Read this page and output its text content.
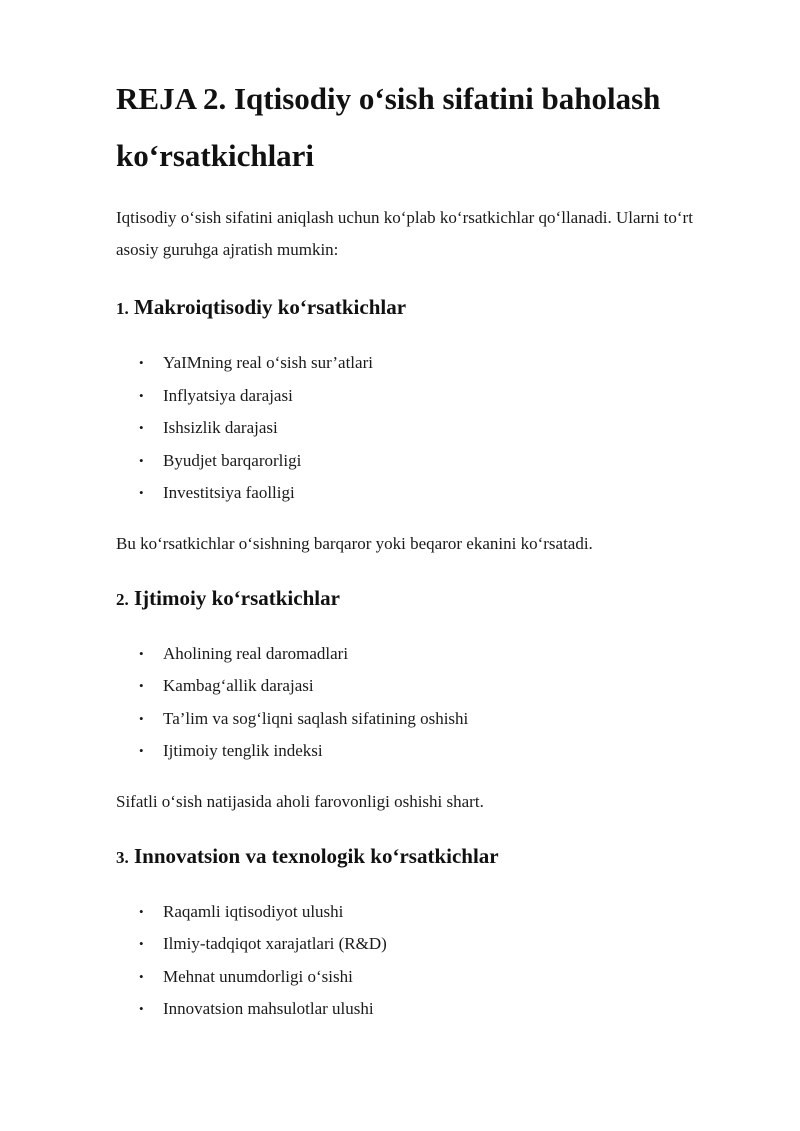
REJA 2. Iqtisodiy o‘sish sifatini baholash ko‘rsatkichlari

Iqtisodiy o‘sish sifatini aniqlash uchun ko‘plab ko‘rsatkichlar qo‘llanadi. Ularni to‘rt asosiy guruhga ajratish mumkin:

1. Makroiqtisodiy ko‘rsatkichlar
• YaIMning real o‘sish sur’atlari
• Inflyatsiya darajasi
• Ishsizlik darajasi
• Byudjet barqarorligi
• Investitsiya faolligi

Bu ko‘rsatkichlar o‘sishning barqaror yoki beqaror ekanini ko‘rsatadi.

2. Ijtimoiy ko‘rsatkichlar
• Aholining real daromadlari
• Kambag‘allik darajasi
• Ta’lim va sog‘liqni saqlash sifatining oshishi
• Ijtimoiy tenglik indeksi

Sifatli o‘sish natijasida aholi farovonligi oshishi shart.

3. Innovatsion va texnologik ko‘rsatkichlar
• Raqamli iqtisodiyot ulushi
• Ilmiy-tadqiqot xarajatlari (R&D)
• Mehnat unumdorligi o‘sishi
• Innovatsion mahsulotlar ulushi
